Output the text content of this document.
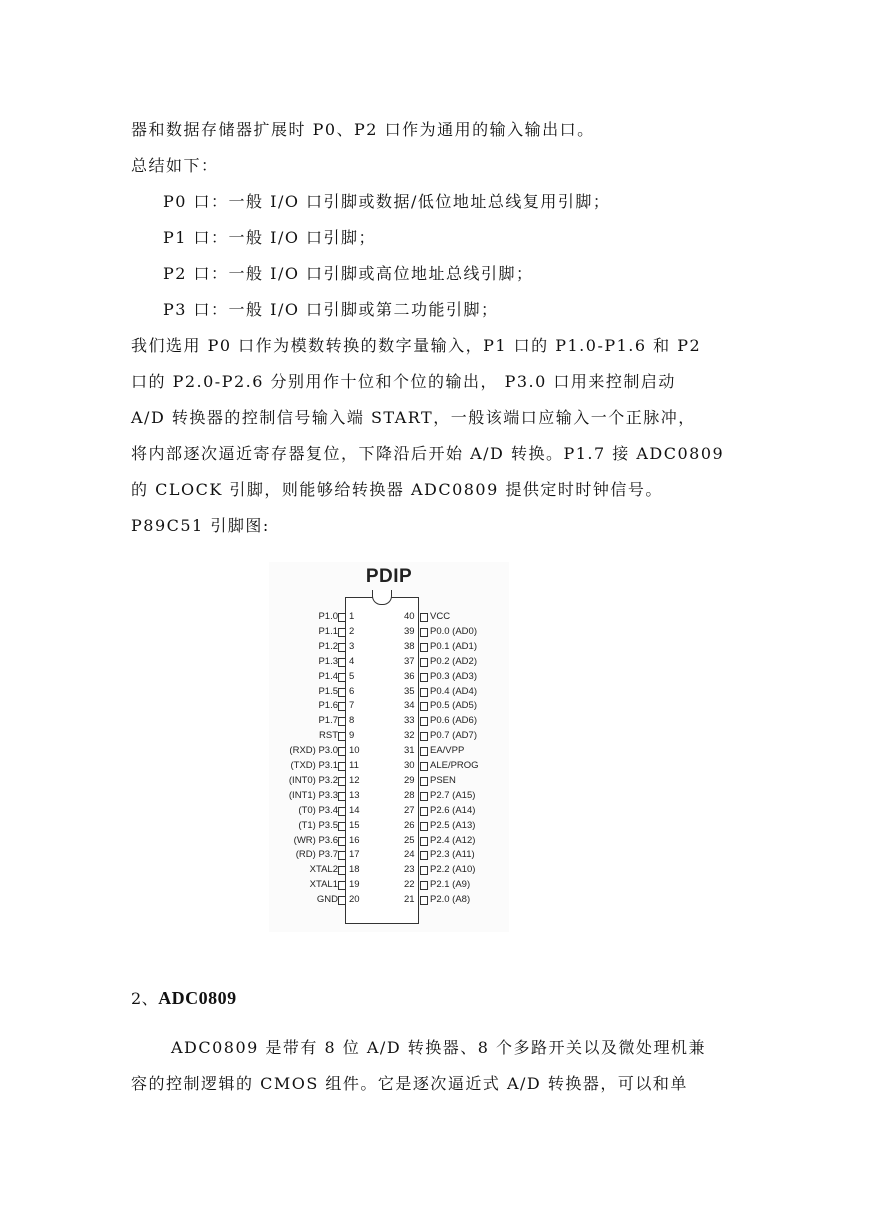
器和数据存储器扩展时 P0、P2 口作为通用的输入输出口。
总结如下：
P0 口：一般 I/O 口引脚或数据/低位地址总线复用引脚；
P1 口：一般 I/O 口引脚；
P2 口：一般 I/O 口引脚或高位地址总线引脚；
P3 口：一般 I/O 口引脚或第二功能引脚；
我们选用 P0 口作为模数转换的数字量输入，P1 口的 P1.0-P1.6 和 P2
口的 P2.0-P2.6 分别用作十位和个位的输出， P3.0 口用来控制启动
A/D 转换器的控制信号输入端 START，一般该端口应输入一个正脉冲，
将内部逐次逼近寄存器复位，下降沿后开始 A/D 转换。P1.7 接 ADC0809
的 CLOCK 引脚，则能够给转换器 ADC0809 提供定时时钟信号。
P89C51 引脚图:
PDIP
P1.0 1
P1.1 2
P1.2 3
P1.3 4
P1.4 5
P1.5 6
P1.6 7
P1.7 8
RST 9
(RXD) P3.0 10
(TXD) P3.1 11
(INT0) P3.2 12
(INT1) P3.3 13
(T0) P3.4 14
(T1) P3.5 15
(WR) P3.6 16
(RD) P3.7 17
XTAL2 18
XTAL1 19
GND 20
40 VCC
39 P0.0 (AD0)
38 P0.1 (AD1)
37 P0.2 (AD2)
36 P0.3 (AD3)
35 P0.4 (AD4)
34 P0.5 (AD5)
33 P0.6 (AD6)
32 P0.7 (AD7)
31 EA/VPP
30 ALE/PROG
29 PSEN
28 P2.7 (A15)
27 P2.6 (A14)
26 P2.5 (A13)
25 P2.4 (A12)
24 P2.3 (A11)
23 P2.2 (A10)
22 P2.1 (A9)
21 P2.0 (A8)
2、ADC0809
ADC0809 是带有 8 位 A/D 转换器、8 个多路开关以及微处理机兼
容的控制逻辑的 CMOS 组件。它是逐次逼近式 A/D 转换器，可以和单
